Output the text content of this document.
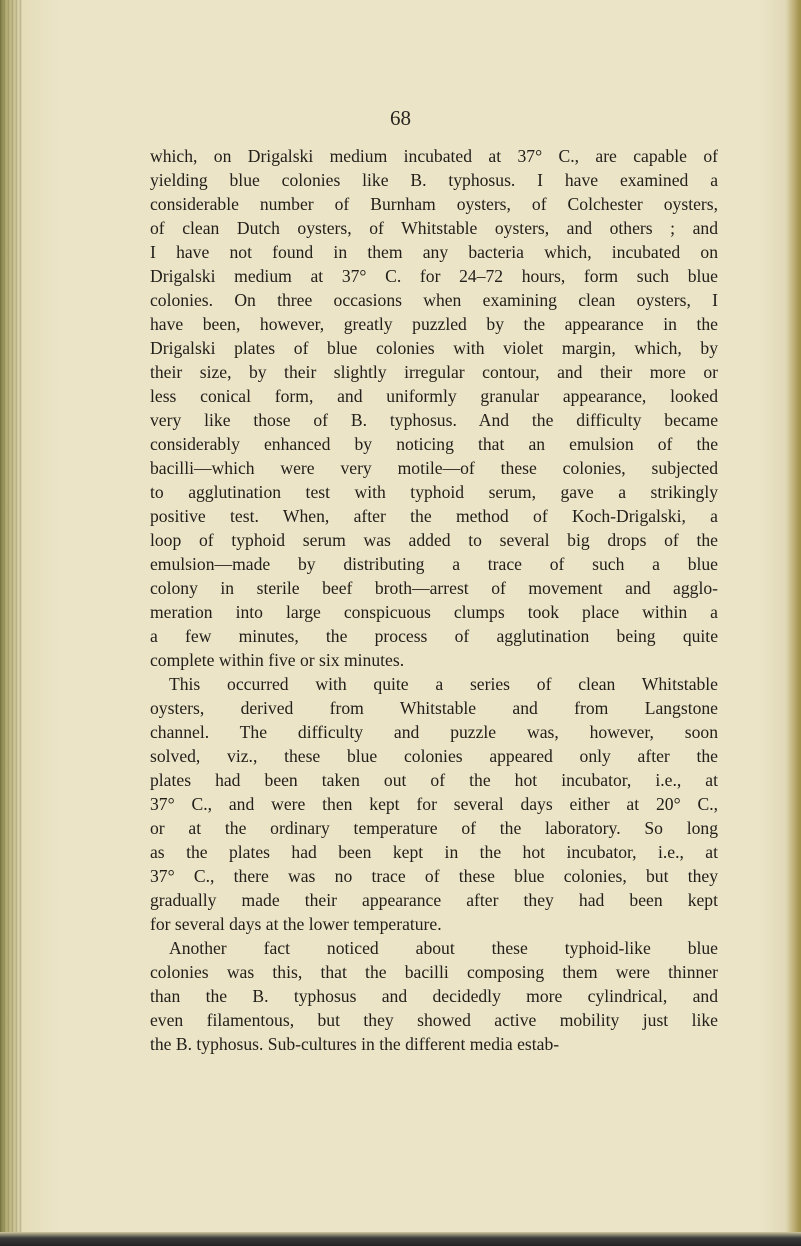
68
which, on Drigalski medium incubated at 37° C., are capable of
yielding blue colonies like B. typhosus. I have examined a
considerable number of Burnham oysters, of Colchester oysters,
of clean Dutch oysters, of Whitstable oysters, and others ; and
I have not found in them any bacteria which, incubated on
Drigalski medium at 37° C. for 24–72 hours, form such blue
colonies. On three occasions when examining clean oysters, I
have been, however, greatly puzzled by the appearance in the
Drigalski plates of blue colonies with violet margin, which, by
their size, by their slightly irregular contour, and their more or
less conical form, and uniformly granular appearance, looked
very like those of B. typhosus. And the difficulty became
considerably enhanced by noticing that an emulsion of the
bacilli—which were very motile—of these colonies, subjected
to agglutination test with typhoid serum, gave a strikingly
positive test. When, after the method of Koch-Drigalski, a
loop of typhoid serum was added to several big drops of the
emulsion—made by distributing a trace of such a blue
colony in sterile beef broth—arrest of movement and agglo-
meration into large conspicuous clumps took place within a
a few minutes, the process of agglutination being quite
complete within five or six minutes.
This occurred with quite a series of clean Whitstable
oysters, derived from Whitstable and from Langstone
channel. The difficulty and puzzle was, however, soon
solved, viz., these blue colonies appeared only after the
plates had been taken out of the hot incubator, i.e., at
37° C., and were then kept for several days either at 20° C.,
or at the ordinary temperature of the laboratory. So long
as the plates had been kept in the hot incubator, i.e., at
37° C., there was no trace of these blue colonies, but they
gradually made their appearance after they had been kept
for several days at the lower temperature.
Another fact noticed about these typhoid-like blue
colonies was this, that the bacilli composing them were thinner
than the B. typhosus and decidedly more cylindrical, and
even filamentous, but they showed active mobility just like
the B. typhosus. Sub-cultures in the different media estab-
